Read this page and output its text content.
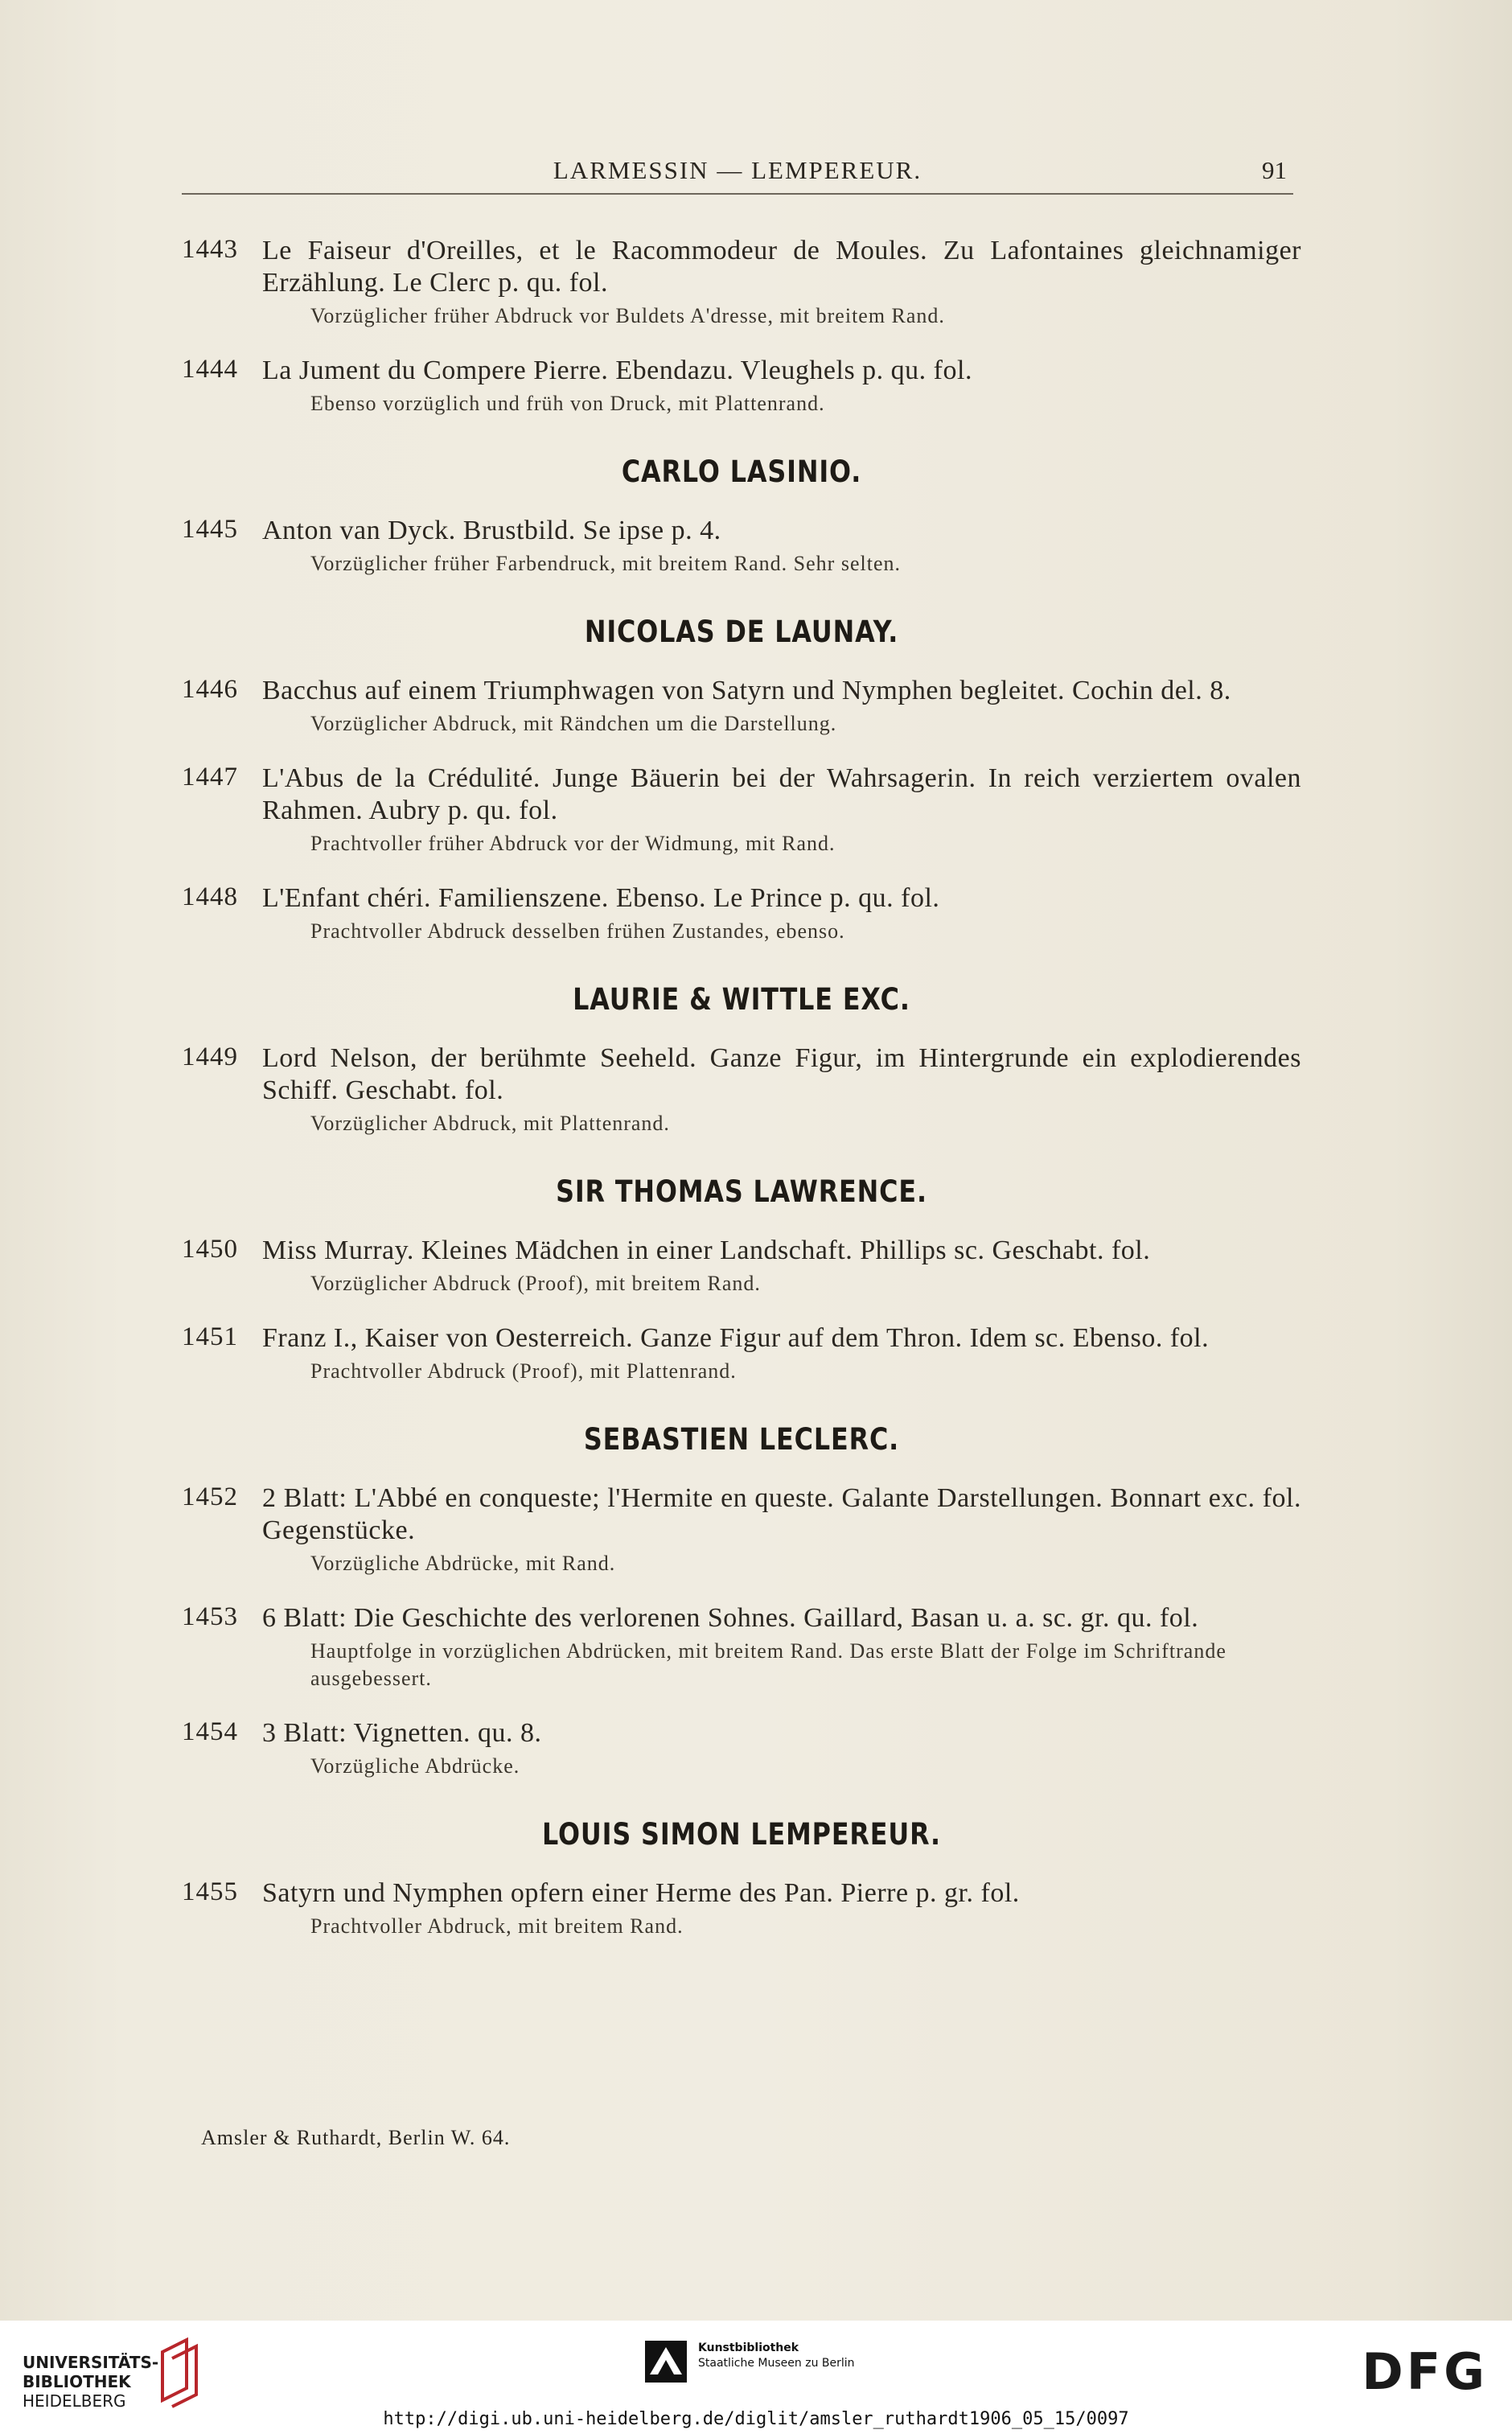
LARMESSIN — LEMPEREUR.	91
1443 Le Faiseur d'Oreilles, et le Racommodeur de Moules. Zu Lafontaines gleichnamiger Erzählung. Le Clerc p. qu. fol.
Vorzüglicher früher Abdruck vor Buldets A'dresse, mit breitem Rand.
1444 La Jument du Compere Pierre. Ebendazu. Vleughels p. qu. fol.
Ebenso vorzüglich und früh von Druck, mit Plattenrand.
CARLO LASINIO.
1445 Anton van Dyck. Brustbild. Se ipse p. 4.
Vorzüglicher früher Farbendruck, mit breitem Rand. Sehr selten.
NICOLAS DE LAUNAY.
1446 Bacchus auf einem Triumphwagen von Satyrn und Nymphen begleitet. Cochin del. 8.
Vorzüglicher Abdruck, mit Rändchen um die Darstellung.
1447 L'Abus de la Crédulité. Junge Bäuerin bei der Wahrsagerin. In reich verziertem ovalen Rahmen. Aubry p. qu. fol.
Prachtvoller früher Abdruck vor der Widmung, mit Rand.
1448 L'Enfant chéri. Familienszene. Ebenso. Le Prince p. qu. fol.
Prachtvoller Abdruck desselben frühen Zustandes, ebenso.
LAURIE & WITTLE EXC.
1449 Lord Nelson, der berühmte Seeheld. Ganze Figur, im Hintergrunde ein explodierendes Schiff. Geschabt. fol.
Vorzüglicher Abdruck, mit Plattenrand.
SIR THOMAS LAWRENCE.
1450 Miss Murray. Kleines Mädchen in einer Landschaft. Phillips sc. Geschabt. fol.
Vorzüglicher Abdruck (Proof), mit breitem Rand.
1451 Franz I., Kaiser von Oesterreich. Ganze Figur auf dem Thron. Idem sc. Ebenso. fol.
Prachtvoller Abdruck (Proof), mit Plattenrand.
SEBASTIEN LECLERC.
1452 2 Blatt: L'Abbé en conqueste; l'Hermite en queste. Galante Darstellungen. Bonnart exc. fol. Gegenstücke.
Vorzügliche Abdrücke, mit Rand.
1453 6 Blatt: Die Geschichte des verlorenen Sohnes. Gaillard, Basan u. a. sc. gr. qu. fol.
Hauptfolge in vorzüglichen Abdrücken, mit breitem Rand. Das erste Blatt der Folge im Schriftrande ausgebessert.
1454 3 Blatt: Vignetten. qu. 8.
Vorzügliche Abdrücke.
LOUIS SIMON LEMPEREUR.
1455 Satyrn und Nymphen opfern einer Herme des Pan. Pierre p. gr. fol.
Prachtvoller Abdruck, mit breitem Rand.
Amsler & Ruthardt, Berlin W. 64.
UNIVERSITÄTS-
BIBLIOTHEK
HEIDELBERG
Kunstbibliothek
Staatliche Museen zu Berlin	DFG
http://digi.ub.uni-heidelberg.de/diglit/amsler_ruthardt1906_05_15/0097
